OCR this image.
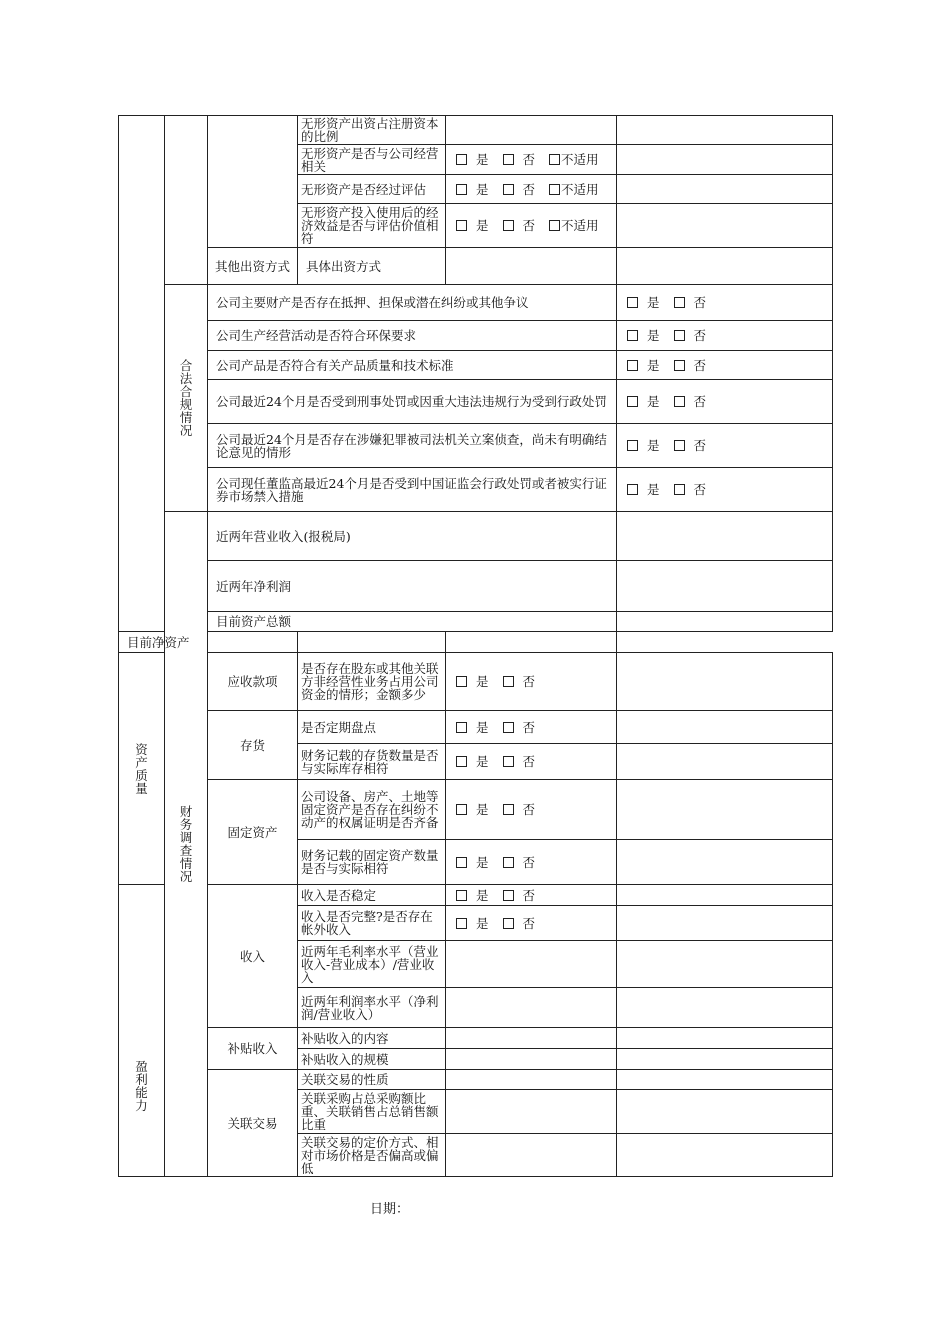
			无形资产出资占注册资本的比例			
			无形资产是否与公司经营相关	是 否 不适用		
			无形资产是否经过评估	是 否 不适用		
			无形资产投入使用后的经济效益是否与评估价值相符	是 否 不适用		
		其他出资方式	具体出资方式			
	合法合规情况	公司主要财产是否存在抵押、担保或潜在纠纷或其他争议			是 否	
		公司生产经营活动是否符合环保要求			是 否	
		公司产品是否符合有关产品质量和技术标准			是 否	
		公司最近24个月是否受到刑事处罚或因重大违法违规行为受到行政处罚			是 否	
		公司最近24个月是否存在涉嫌犯罪被司法机关立案侦查，尚未有明确结论意见的情形			是 否	
		公司现任董监高最近24个月是否受到中国证监会行政处罚或者被实行证券市场禁入措施			是 否	
	财务调查情况	近两年营业收入(报税局)				
		近两年净利润				
		目前资产总额				
目前净资产						
资产质量		应收款项	是否存在股东或其他关联方非经营性业务占用公司资金的情形；金额多少	是 否		
		存货	是否定期盘点	是 否		
			财务记载的存货数量是否与实际库存相符	是 否		
		固定资产	公司设备、房产、土地等固定资产是否存在纠纷不动产的权属证明是否齐备	是 否		

			财务记载的固定资产数量是否与实际相符	是 否		
盈利能力		收入	收入是否稳定	是 否		
			收入是否完整?是否存在帐外收入	是 否		
			近两年毛利率水平（营业收入-营业成本）/营业收入			
			近两年利润率水平（净利润/营业收入）			
		补贴收入	补贴收入的内容			
			补贴收入的规模			
		关联交易	关联交易的性质			
			关联采购占总采购额比重、关联销售占总销售额比重			
			关联交易的定价方式、相对市场价格是否偏高或偏低			
日期：
